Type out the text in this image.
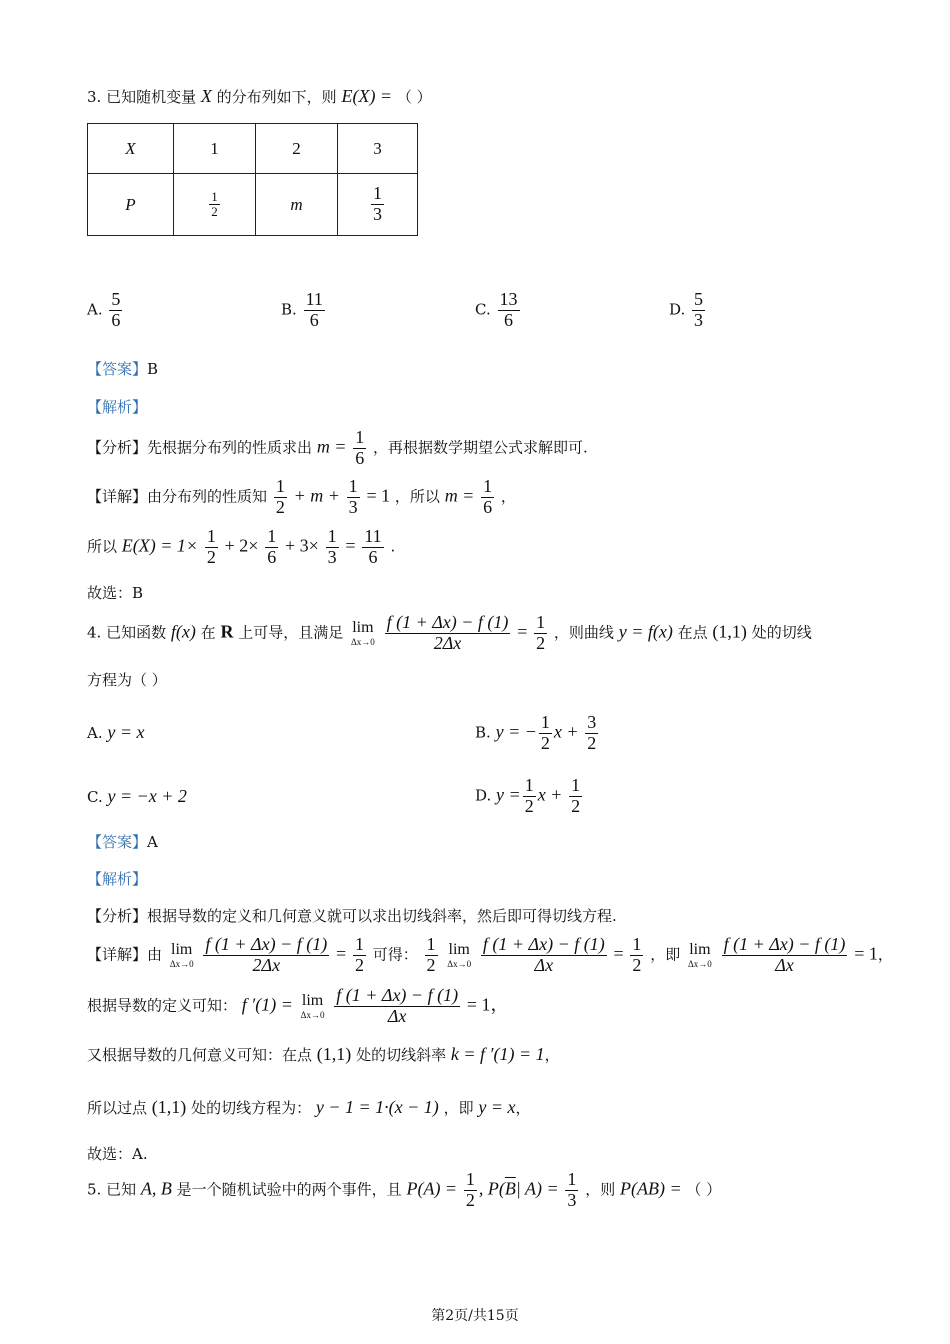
3. 已知随机变量 X 的分布列如下，则 E(X) = （ ）
X	1	2	3
P	$\frac{1}{2}$	m	$\frac{1}{3}$
A. $\frac{5}{6}$	B. $\frac{11}{6}$	C. $\frac{13}{6}$	D. $\frac{5}{3}$
【答案】B
【解析】
【分析】先根据分布列的性质求出 $m = \frac{1}{6}$ ，再根据数学期望公式求解即可.
【详解】由分布列的性质知 $\frac{1}{2} + m + \frac{1}{3} = 1$ ，所以 $m = \frac{1}{6}$ ，
所以 $E(X) = 1\times \frac{1}{2} + 2\times \frac{1}{6} + 3\times \frac{1}{3} = \frac{11}{6}$ .
故选：B
4. 已知函数 f(x) 在 R 上可导，且满足 lim
Δx→0
$\frac{f (1 + \Delta x) - f (1)}{2\Delta x} = \frac{1}{2}$ ，则曲线 y = f(x) 在点 (1,1) 处的切线
方程为（ ）
A. y = x	B. y = − $\frac{1}{2}$ $x + \frac{3}{2}$
C. y = −x + 2	D. $y = \frac{1}{2}$ $x + \frac{1}{2}$
【答案】A
【解析】
【分析】根据导数的定义和几何意义就可以求出切线斜率，然后即可得切线方程.
【详解】由 lim
Δx→0
$\frac{f (1 + \Delta x) - f (1)}{2\Delta x} = \frac{1}{2}$ 可得： $\frac{1}{2}$ lim
Δx→0
$\frac{f (1 + \Delta x) - f (1)}{\Delta x} = \frac{1}{2}$ ，即 lim
Δx→0
$\frac{f (1 + \Delta x) - f (1)}{\Delta x} = 1$，
根据导数的定义可知： f ′(1) = lim
Δx→0
$\frac{f (1 + \Delta x) - f (1)}{\Delta x} = 1$，
又根据导数的几何意义可知：在点 (1,1) 处的切线斜率 k = f ′(1) = 1，
所以过点 (1,1) 处的切线方程为： y − 1 = 1·(x − 1) ，即 y = x，
故选：A.
5. 已知 A, B 是一个随机试验中的两个事件，且 $P(A) = \frac{1}{2}$ , $P(\overline{B}|$ $A) = \frac{1}{3}$ ，则 P(AB) = （ ）
第2页/共15页
